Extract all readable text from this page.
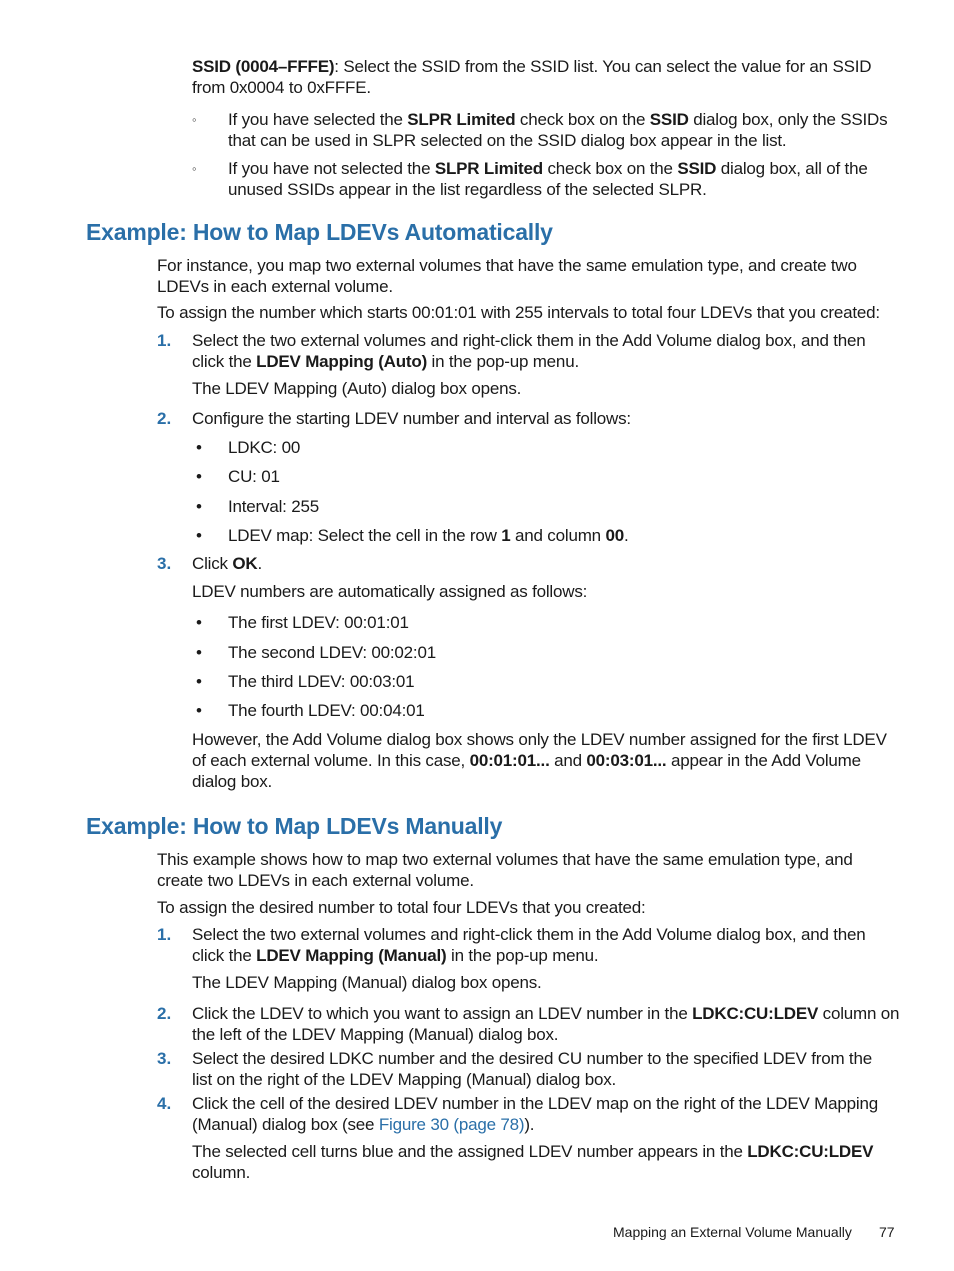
SSID (0004–FFFE): Select the SSID from the SSID list. You can select the value for an SSID from 0x0004 to 0xFFFE.

◦ If you have selected the SLPR Limited check box on the SSID dialog box, only the SSIDs that can be used in SLPR selected on the SSID dialog box appear in the list.

◦ If you have not selected the SLPR Limited check box on the SSID dialog box, all of the unused SSIDs appear in the list regardless of the selected SLPR.

Example: How to Map LDEVs Automatically

For instance, you map two external volumes that have the same emulation type, and create two LDEVs in each external volume.

To assign the number which starts 00:01:01 with 255 intervals to total four LDEVs that you created:

1. Select the two external volumes and right-click them in the Add Volume dialog box, and then click the LDEV Mapping (Auto) in the pop-up menu.

The LDEV Mapping (Auto) dialog box opens.

2. Configure the starting LDEV number and interval as follows:

• LDKC: 00

• CU: 01

• Interval: 255

• LDEV map: Select the cell in the row 1 and column 00.

3. Click OK.

LDEV numbers are automatically assigned as follows:

• The first LDEV: 00:01:01

• The second LDEV: 00:02:01

• The third LDEV: 00:03:01

• The fourth LDEV: 00:04:01

However, the Add Volume dialog box shows only the LDEV number assigned for the first LDEV of each external volume. In this case, 00:01:01... and 00:03:01... appear in the Add Volume dialog box.

Example: How to Map LDEVs Manually

This example shows how to map two external volumes that have the same emulation type, and create two LDEVs in each external volume.

To assign the desired number to total four LDEVs that you created:

1. Select the two external volumes and right-click them in the Add Volume dialog box, and then click the LDEV Mapping (Manual) in the pop-up menu.

The LDEV Mapping (Manual) dialog box opens.

2. Click the LDEV to which you want to assign an LDEV number in the LDKC:CU:LDEV column on the left of the LDEV Mapping (Manual) dialog box.

3. Select the desired LDKC number and the desired CU number to the specified LDEV from the list on the right of the LDEV Mapping (Manual) dialog box.

4. Click the cell of the desired LDEV number in the LDEV map on the right of the LDEV Mapping (Manual) dialog box (see Figure 30 (page 78)).

The selected cell turns blue and the assigned LDEV number appears in the LDKC:CU:LDEV column.

Mapping an External Volume Manually 77
